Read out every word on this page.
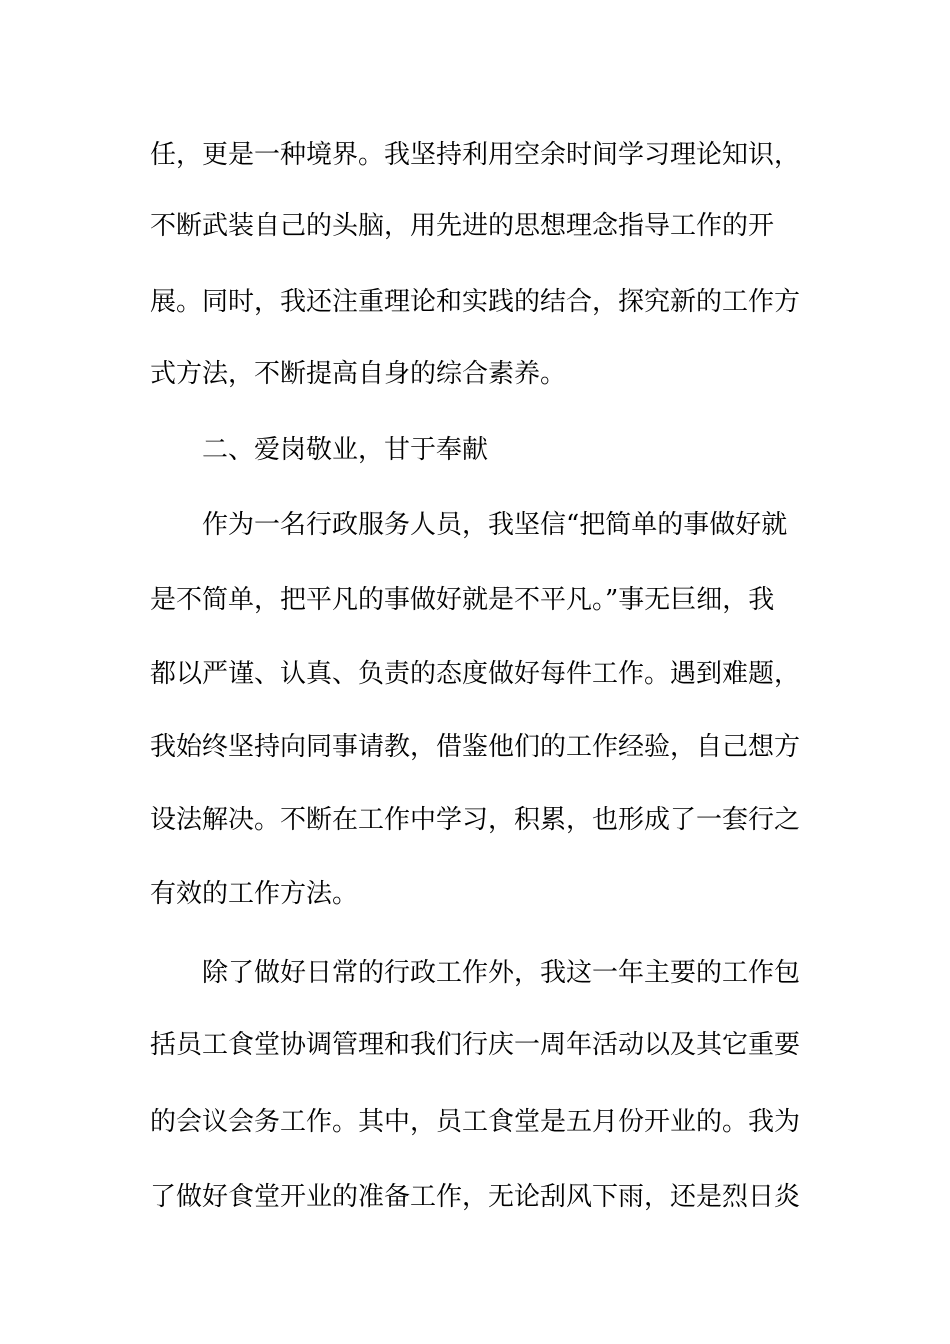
任，更是一种境界。我坚持利用空余时间学习理论知识，
不断武装自己的头脑，用先进的思想理念指导工作的开
展。同时，我还注重理论和实践的结合，探究新的工作方
式方法，不断提高自身的综合素养。
二、爱岗敬业，甘于奉献
作为一名行政服务人员，我坚信“把简单的事做好就
是不简单，把平凡的事做好就是不平凡。”事无巨细，我
都以严谨、认真、负责的态度做好每件工作。遇到难题，
我始终坚持向同事请教，借鉴他们的工作经验，自己想方
设法解决。不断在工作中学习，积累，也形成了一套行之
有效的工作方法。
除了做好日常的行政工作外，我这一年主要的工作包
括员工食堂协调管理和我们行庆一周年活动以及其它重要
的会议会务工作。其中，员工食堂是五月份开业的。我为
了做好食堂开业的准备工作，无论刮风下雨，还是烈日炎
